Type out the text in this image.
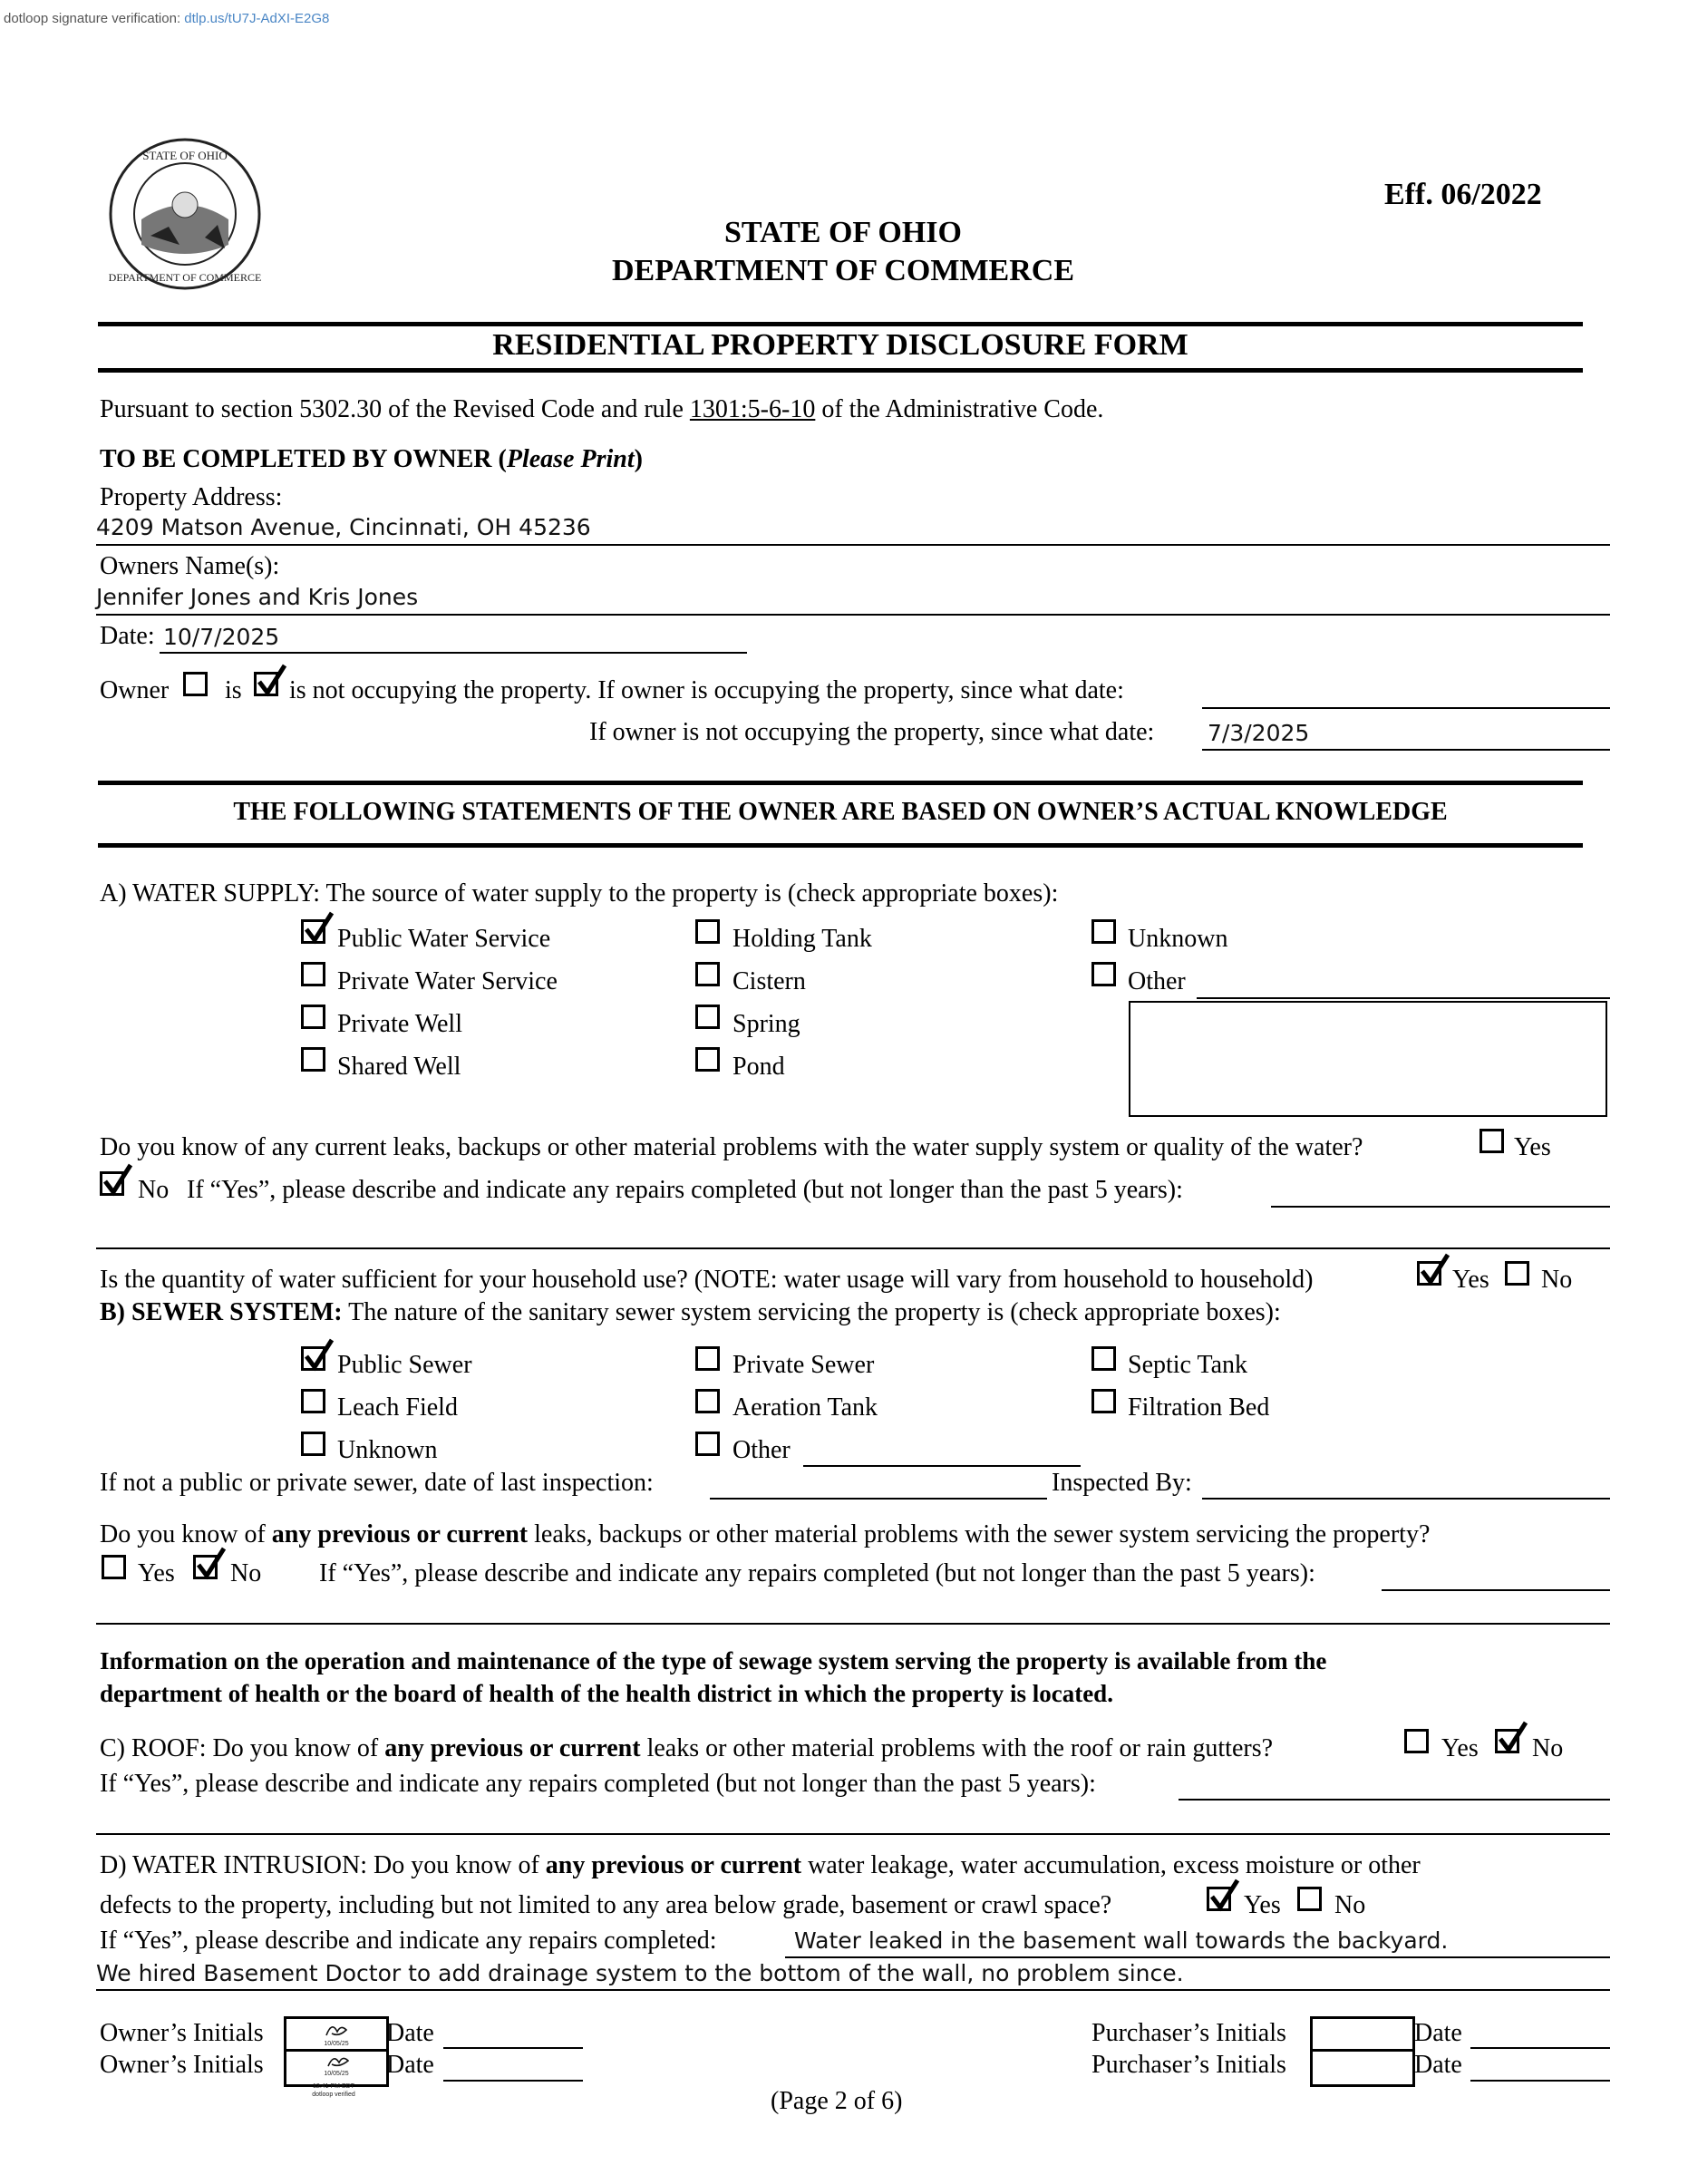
dotloop signature verification: dtlp.us/tU7J-AdXI-E2G8
STATE OF OHIO
DEPARTMENT OF COMMERCE
Eff. 06/2022
STATE OF OHIO
DEPARTMENT OF COMMERCE
RESIDENTIAL PROPERTY DISCLOSURE FORM
Pursuant to section 5302.30 of the Revised Code and rule 1301:5-6-10 of the Administrative Code.
TO BE COMPLETED BY OWNER (Please Print)
Property Address:
4209 Matson Avenue, Cincinnati, OH 45236
Owners Name(s):
Jennifer Jones and Kris Jones
Date: 10/7/2025
Owner is is not occupying the property. If owner is occupying the property, since what date:
If owner is not occupying the property, since what date: 7/3/2025
THE FOLLOWING STATEMENTS OF THE OWNER ARE BASED ON OWNER’S ACTUAL KNOWLEDGE
A) WATER SUPPLY: The source of water supply to the property is (check appropriate boxes):
Public Water Service
Private Water Service
Private Well
Shared Well
Holding Tank
Cistern
Spring
Pond
Unknown
Other
Do you know of any current leaks, backups or other material problems with the water supply system or quality of the water?	Yes
No If “Yes”, please describe and indicate any repairs completed (but not longer than the past 5 years):
Is the quantity of water sufficient for your household use? (NOTE: water usage will vary from household to household)	Yes No
B) SEWER SYSTEM: The nature of the sanitary sewer system servicing the property is (check appropriate boxes):
Public Sewer
Leach Field
Unknown
Private Sewer
Aeration Tank
Other
Septic Tank
Filtration Bed
If not a public or private sewer, date of last inspection:	Inspected By:
Do you know of any previous or current leaks, backups or other material problems with the sewer system servicing the property?
Yes No If “Yes”, please describe and indicate any repairs completed (but not longer than the past 5 years):
Information on the operation and maintenance of the type of sewage system serving the property is available from the
department of health or the board of health of the health district in which the property is located.
C) ROOF: Do you know of any previous or current leaks or other material problems with the roof or rain gutters?	Yes No
If “Yes”, please describe and indicate any repairs completed (but not longer than the past 5 years):
D) WATER INTRUSION: Do you know of any previous or current water leakage, water accumulation, excess moisture or other
defects to the property, including but not limited to any area below grade, basement or crawl space?	Yes No
If “Yes”, please describe and indicate any repairs completed:	Water leaked in the basement wall towards the backyard.
We hired Basement Doctor to add drainage system to the bottom of the wall, no problem since.
Owner’s Initials
Owner’s Initials
10/05/25
10/05/25
12:41 PM EDT
dotloop verified
Date
Date
Purchaser’s Initials
Purchaser’s Initials
Date
Date
(Page 2 of 6)
